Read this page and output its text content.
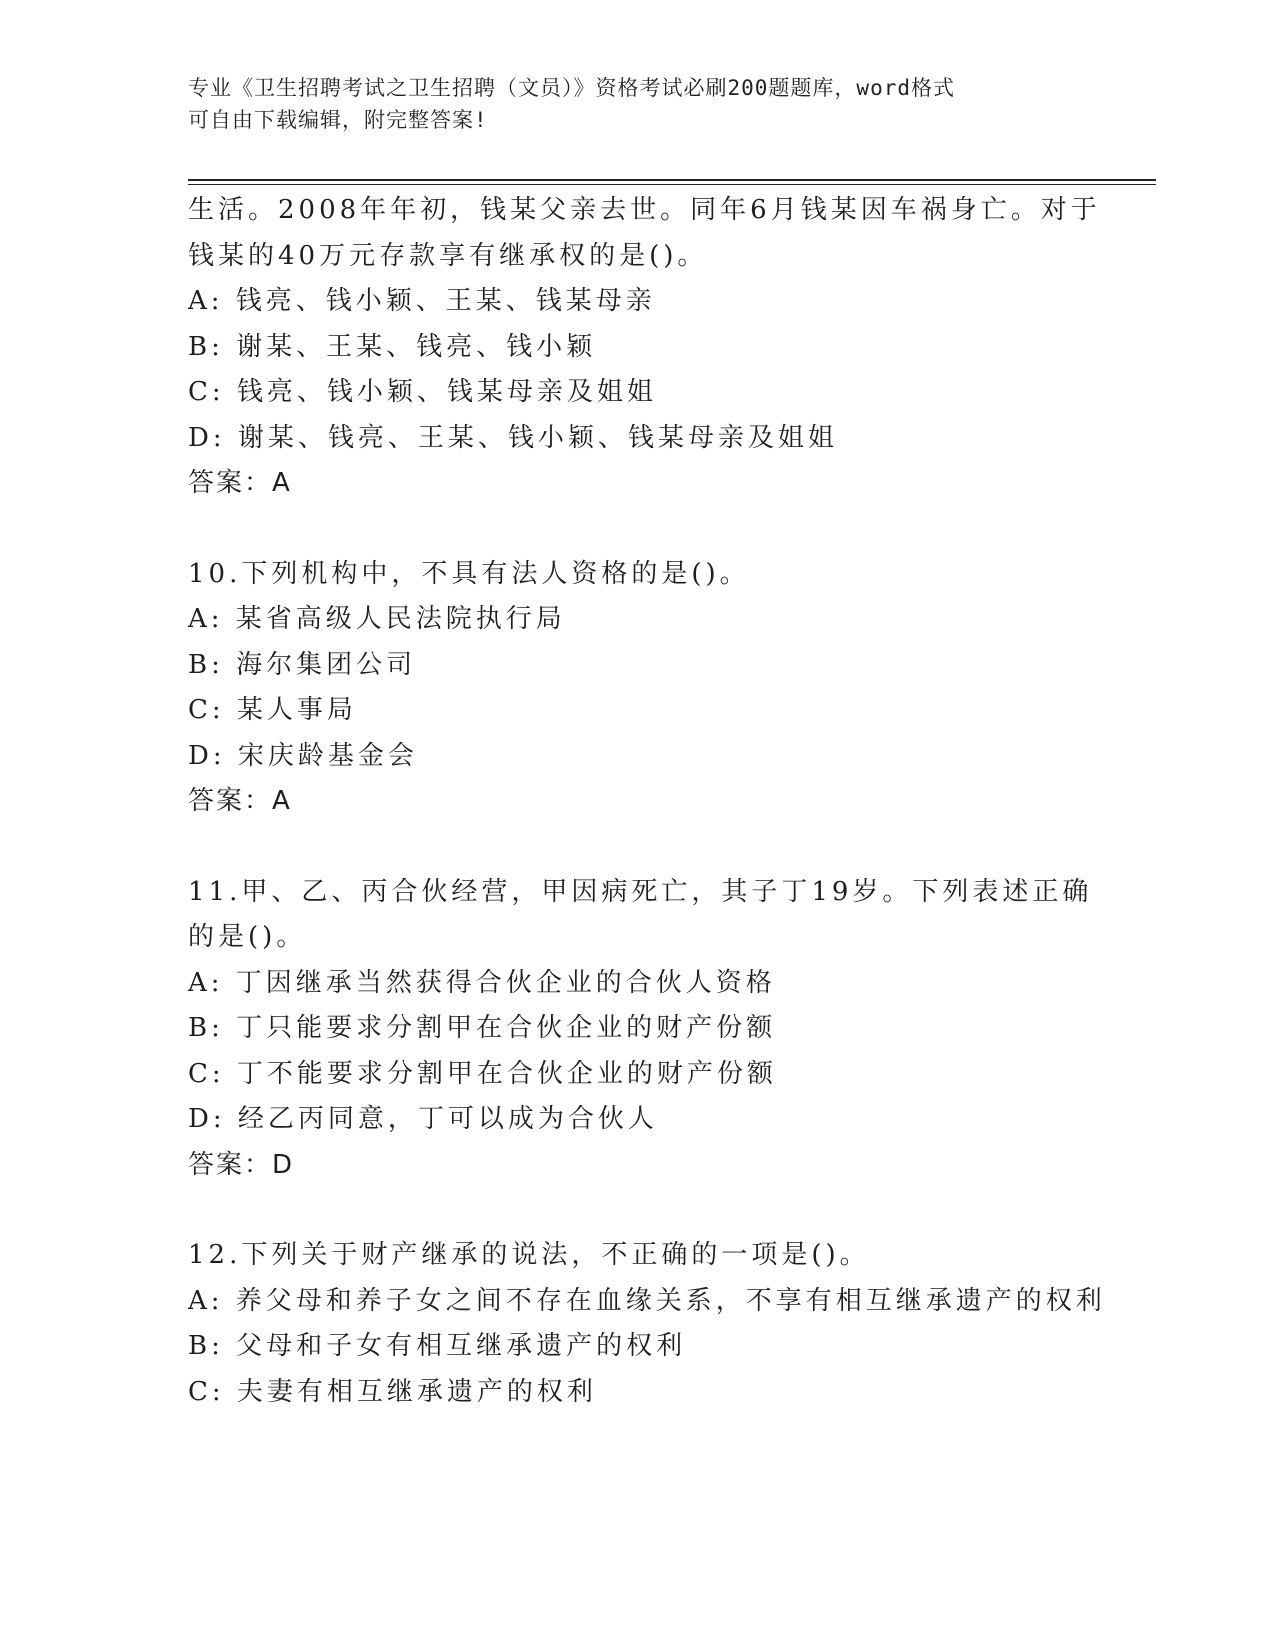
专业《卫生招聘考试之卫生招聘（文员）》资格考试必刷200题题库，word格式
可自由下载编辑，附完整答案!
生活。2008年年初，钱某父亲去世。同年6月钱某因车祸身亡。对于
钱某的40万元存款享有继承权的是()。
A: 钱亮、钱小颖、王某、钱某母亲
B: 谢某、王某、钱亮、钱小颖
C: 钱亮、钱小颖、钱某母亲及姐姐
D: 谢某、钱亮、王某、钱小颖、钱某母亲及姐姐
答案：A
10.下列机构中，不具有法人资格的是()。
A: 某省高级人民法院执行局
B: 海尔集团公司
C: 某人事局
D: 宋庆龄基金会
答案：A
11.甲、乙、丙合伙经营，甲因病死亡，其子丁19岁。下列表述正确
的是()。
A: 丁因继承当然获得合伙企业的合伙人资格
B: 丁只能要求分割甲在合伙企业的财产份额
C: 丁不能要求分割甲在合伙企业的财产份额
D: 经乙丙同意，丁可以成为合伙人
答案：D
12.下列关于财产继承的说法，不正确的一项是()。
A: 养父母和养子女之间不存在血缘关系，不享有相互继承遗产的权利
B: 父母和子女有相互继承遗产的权利
C: 夫妻有相互继承遗产的权利
